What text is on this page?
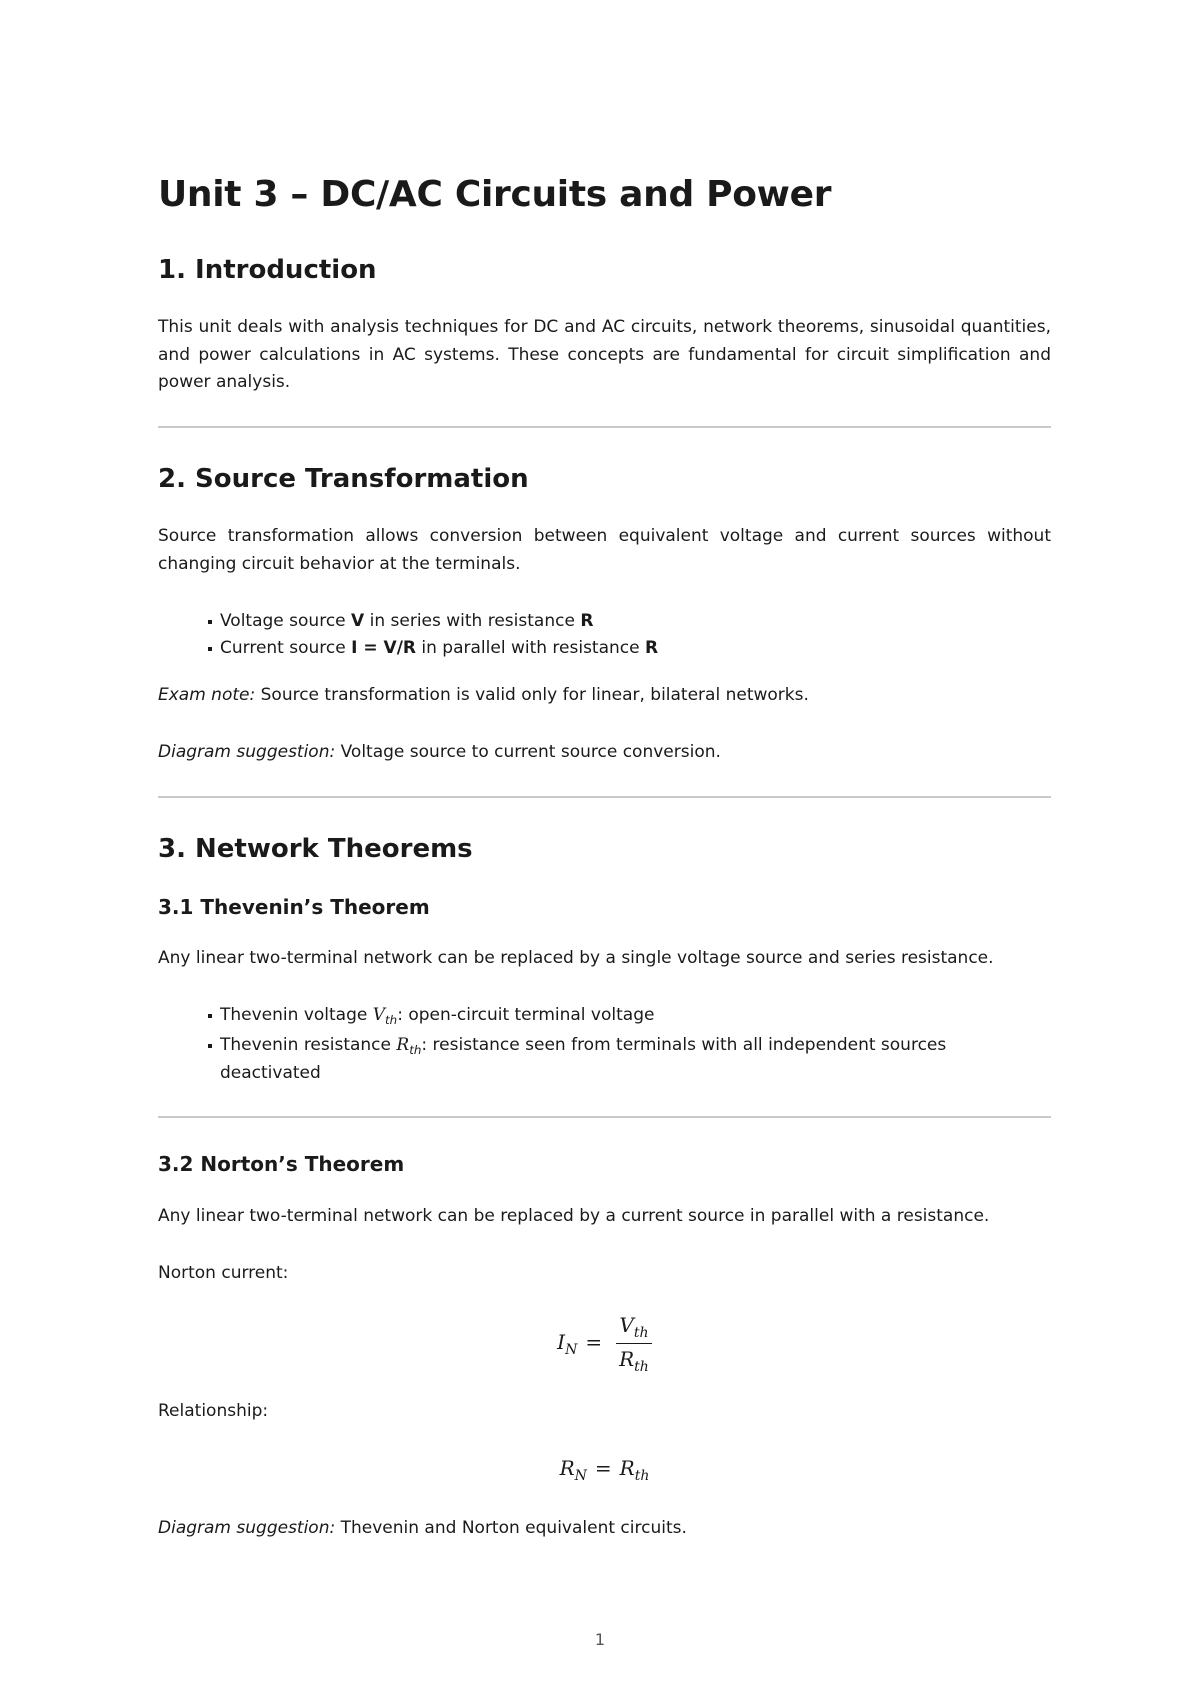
Unit 3 – DC/AC Circuits and Power
1. Introduction

This unit deals with analysis techniques for DC and AC circuits, network theorems, sinusoidal quantities, and power calculations in AC systems. These concepts are fundamental for circuit simplification and power analysis.

2. Source Transformation

Source transformation allows conversion between equivalent voltage and current sources without changing circuit behavior at the terminals.

Voltage source V in series with resistance R
Current source I = V/R in parallel with resistance R

Exam note: Source transformation is valid only for linear, bilateral networks.

Diagram suggestion: Voltage source to current source conversion.

3. Network Theorems
3.1 Thevenin’s Theorem

Any linear two-terminal network can be replaced by a single voltage source and series resistance.

Thevenin voltage $V_{th}$: open-circuit terminal voltage
Thevenin resistance $R_{th}$: resistance seen from terminals with all independent sources deactivated
3.2 Norton’s Theorem

Any linear two-terminal network can be replaced by a current source in parallel with a resistance.

Norton current:

$I_N = \frac{V_{th}}{R_{th}}$

Relationship:

$R_N = R_{th}$

Diagram suggestion: Thevenin and Norton equivalent circuits.

1
